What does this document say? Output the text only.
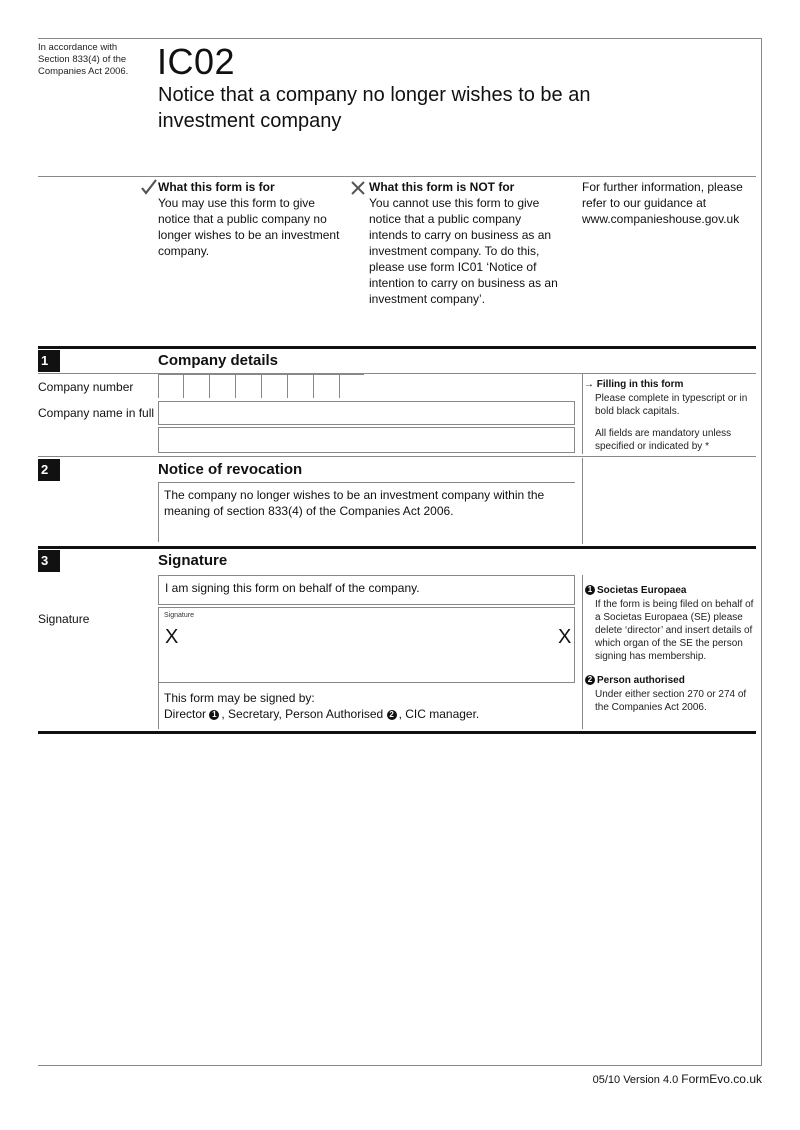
In accordance with
Section 833(4) of the
Companies Act 2006. IC02
Notice that a company no longer wishes to be an investment company
What this form is for
You may use this form to give notice that a public company no longer wishes to be an investment company.
What this form is NOT for
You cannot use this form to give notice that a public company intends to carry on business as an investment company. To do this, please use form IC01 ‘Notice of intention to carry on business as an investment company’.
For further information, please refer to our guidance at www.companieshouse.gov.uk
1	Company details
Company number
Company name in full
→ Filling in this form
Please complete in typescript or in bold black capitals.
All fields are mandatory unless specified or indicated by *
2	Notice of revocation
The company no longer wishes to be an investment company within the meaning of section 833(4) of the Companies Act 2006.
3	Signature
I am signing this form on behalf of the company.
Signature	Signature
X	X
This form may be signed by:
Director 1 , Secretary, Person Authorised 2 , CIC manager.
1 Societas Europaea
If the form is being filed on behalf of a Societas Europaea (SE) please delete ‘director’ and insert details of which organ of the SE the person signing has membership.
2 Person authorised
Under either section 270 or 274 of the Companies Act 2006.
05/10 Version 4.0 FormEvo.co.uk
